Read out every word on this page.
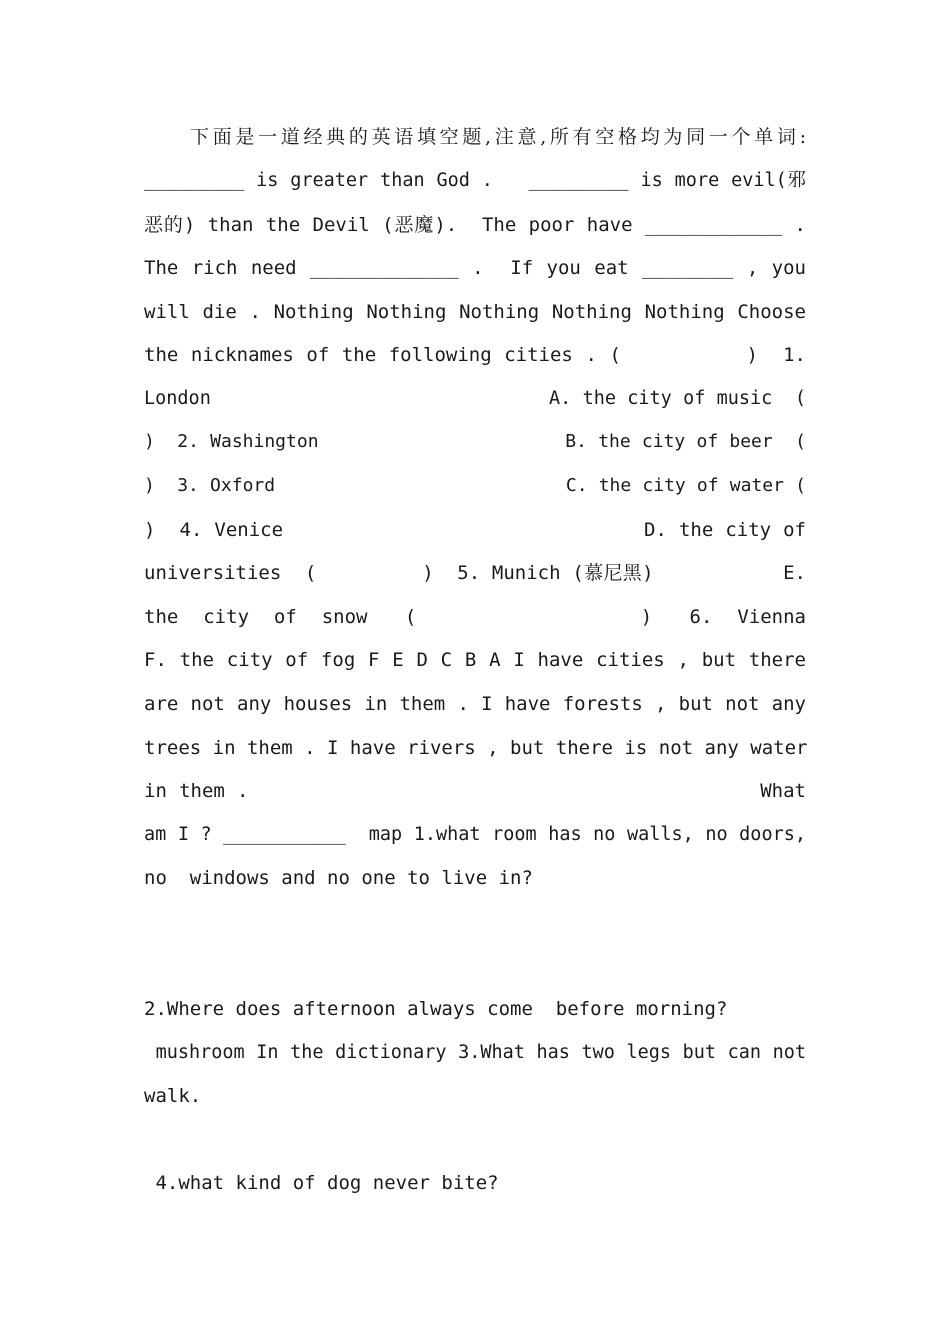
下面是一道经典的英语填空题,注意,所有空格均为同一个单词:
_________ is greater than God .   _________ is more evil(邪
恶的) than the Devil (恶魔).  The poor have ____________ .
The rich need _____________ .  If you eat ________ , you
will die . Nothing Nothing Nothing Nothing Nothing Choose
the nicknames of the following cities . (          )  1.
London                              A. the city of music  (
)  2. Washington                      B. the city of beer  (
)  3. Oxford                          C. the city of water (
)  4. Venice                              D. the city of
universities  (         )  5. Munich (慕尼黑)           E.
the  city  of  snow   (                  )   6.  Vienna
F. the city of fog F E D C B A I have cities , but there
are not any houses in them . I have forests , but not any
trees in them . I have rivers , but there is not any water
in them .                                          What
am I ? ___________  map 1.what room has no walls, no doors,
no  windows and no one to live in?
2.Where does afternoon always come  before morning?
mushroom In the dictionary 3.What has two legs but can not
walk.
4.what kind of dog never bite?
